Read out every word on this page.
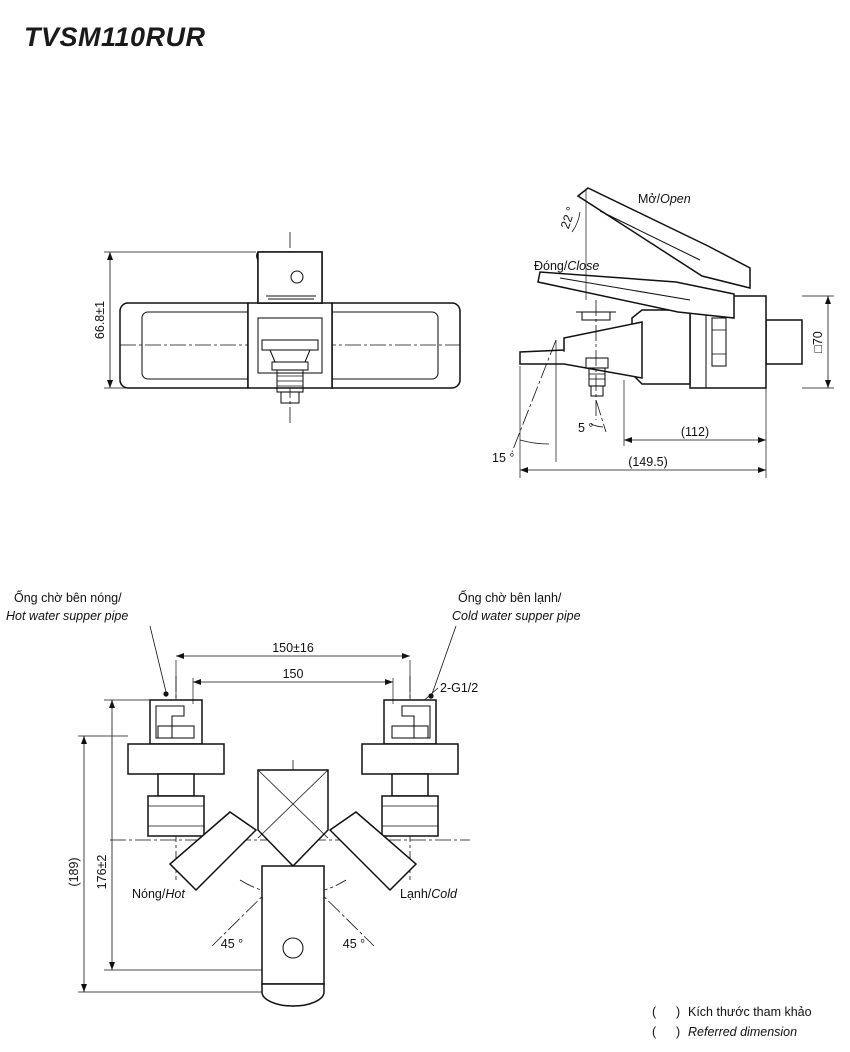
TVSM110RUR
66.8±1
22 °
Mở/Open
Đóng/Close
15 °
5 °	(112)
(149.5)
□70
Ống chờ bên nóng/
Hot water supper pipe
Ống chờ bên lạnh/
Cold water supper pipe
2-G1/2
150±16
150
(189) 176±2
Nóng/Hot	Lạnh/Cold
45 °	45 °
( ) Kích thước tham khảo
( ) Referred dimension
